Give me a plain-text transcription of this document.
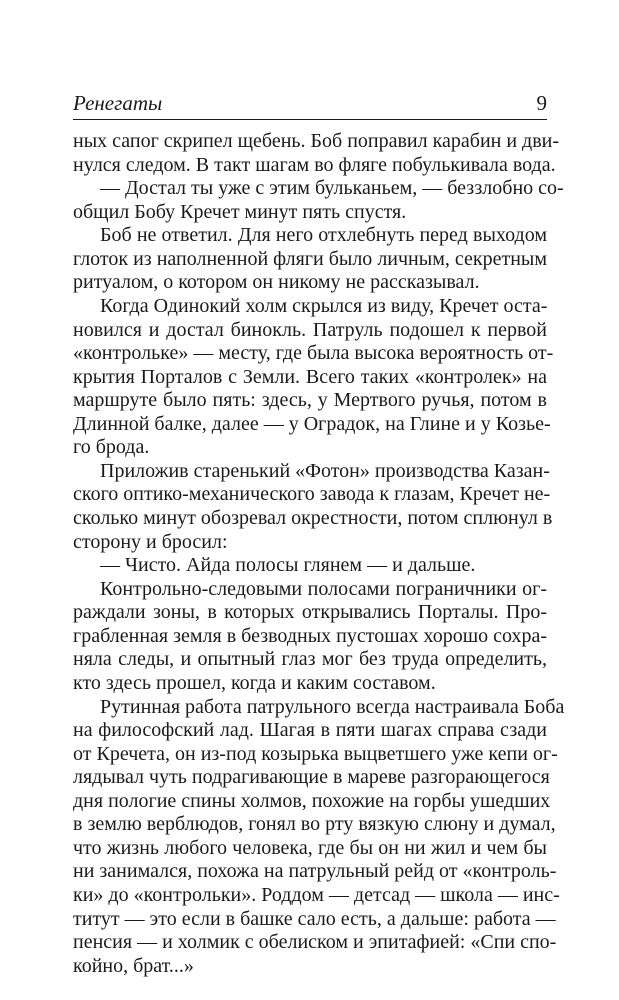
Ренегаты	9
ных сапог скрипел щебень. Боб поправил карабин и дви-
нулся следом. В такт шагам во фляге побулькивала вода.
— Достал ты уже с этим бульканьем, — беззлобно со-
общил Бобу Кречет минут пять спустя.
Боб не ответил. Для него отхлебнуть перед выходом
глоток из наполненной фляги было личным, секретным
ритуалом, о котором он никому не рассказывал.
Когда Одинокий холм скрылся из виду, Кречет оста-
новился и достал бинокль. Патруль подошел к первой
«контрольке» — месту, где была высока вероятность от-
крытия Порталов с Земли. Всего таких «контролек» на
маршруте было пять: здесь, у Мертвого ручья, потом в
Длинной балке, далее — у Оградок, на Глине и у Козье-
го брода.
Приложив старенький «Фотон» производства Казан-
ского оптико-механического завода к глазам, Кречет не-
сколько минут обозревал окрестности, потом сплюнул в
сторону и бросил:
— Чисто. Айда полосы глянем — и дальше.
Контрольно-следовыми полосами пограничники ог-
раждали зоны, в которых открывались Порталы. Про-
грабленная земля в безводных пустошах хорошо сохра-
няла следы, и опытный глаз мог без труда определить,
кто здесь прошел, когда и каким составом.
Рутинная работа патрульного всегда настраивала Боба
на философский лад. Шагая в пяти шагах справа сзади
от Кречета, он из-под козырька выцветшего уже кепи ог-
лядывал чуть подрагивающие в мареве разгорающегося
дня пологие спины холмов, похожие на горбы ушедших
в землю верблюдов, гонял во рту вязкую слюну и думал,
что жизнь любого человека, где бы он ни жил и чем бы
ни занимался, похожа на патрульный рейд от «контроль-
ки» до «контрольки». Роддом — детсад — школа — инс-
титут — это если в башке сало есть, а дальше: работа —
пенсия — и холмик с обелиском и эпитафией: «Спи спо-
койно, брат...»
